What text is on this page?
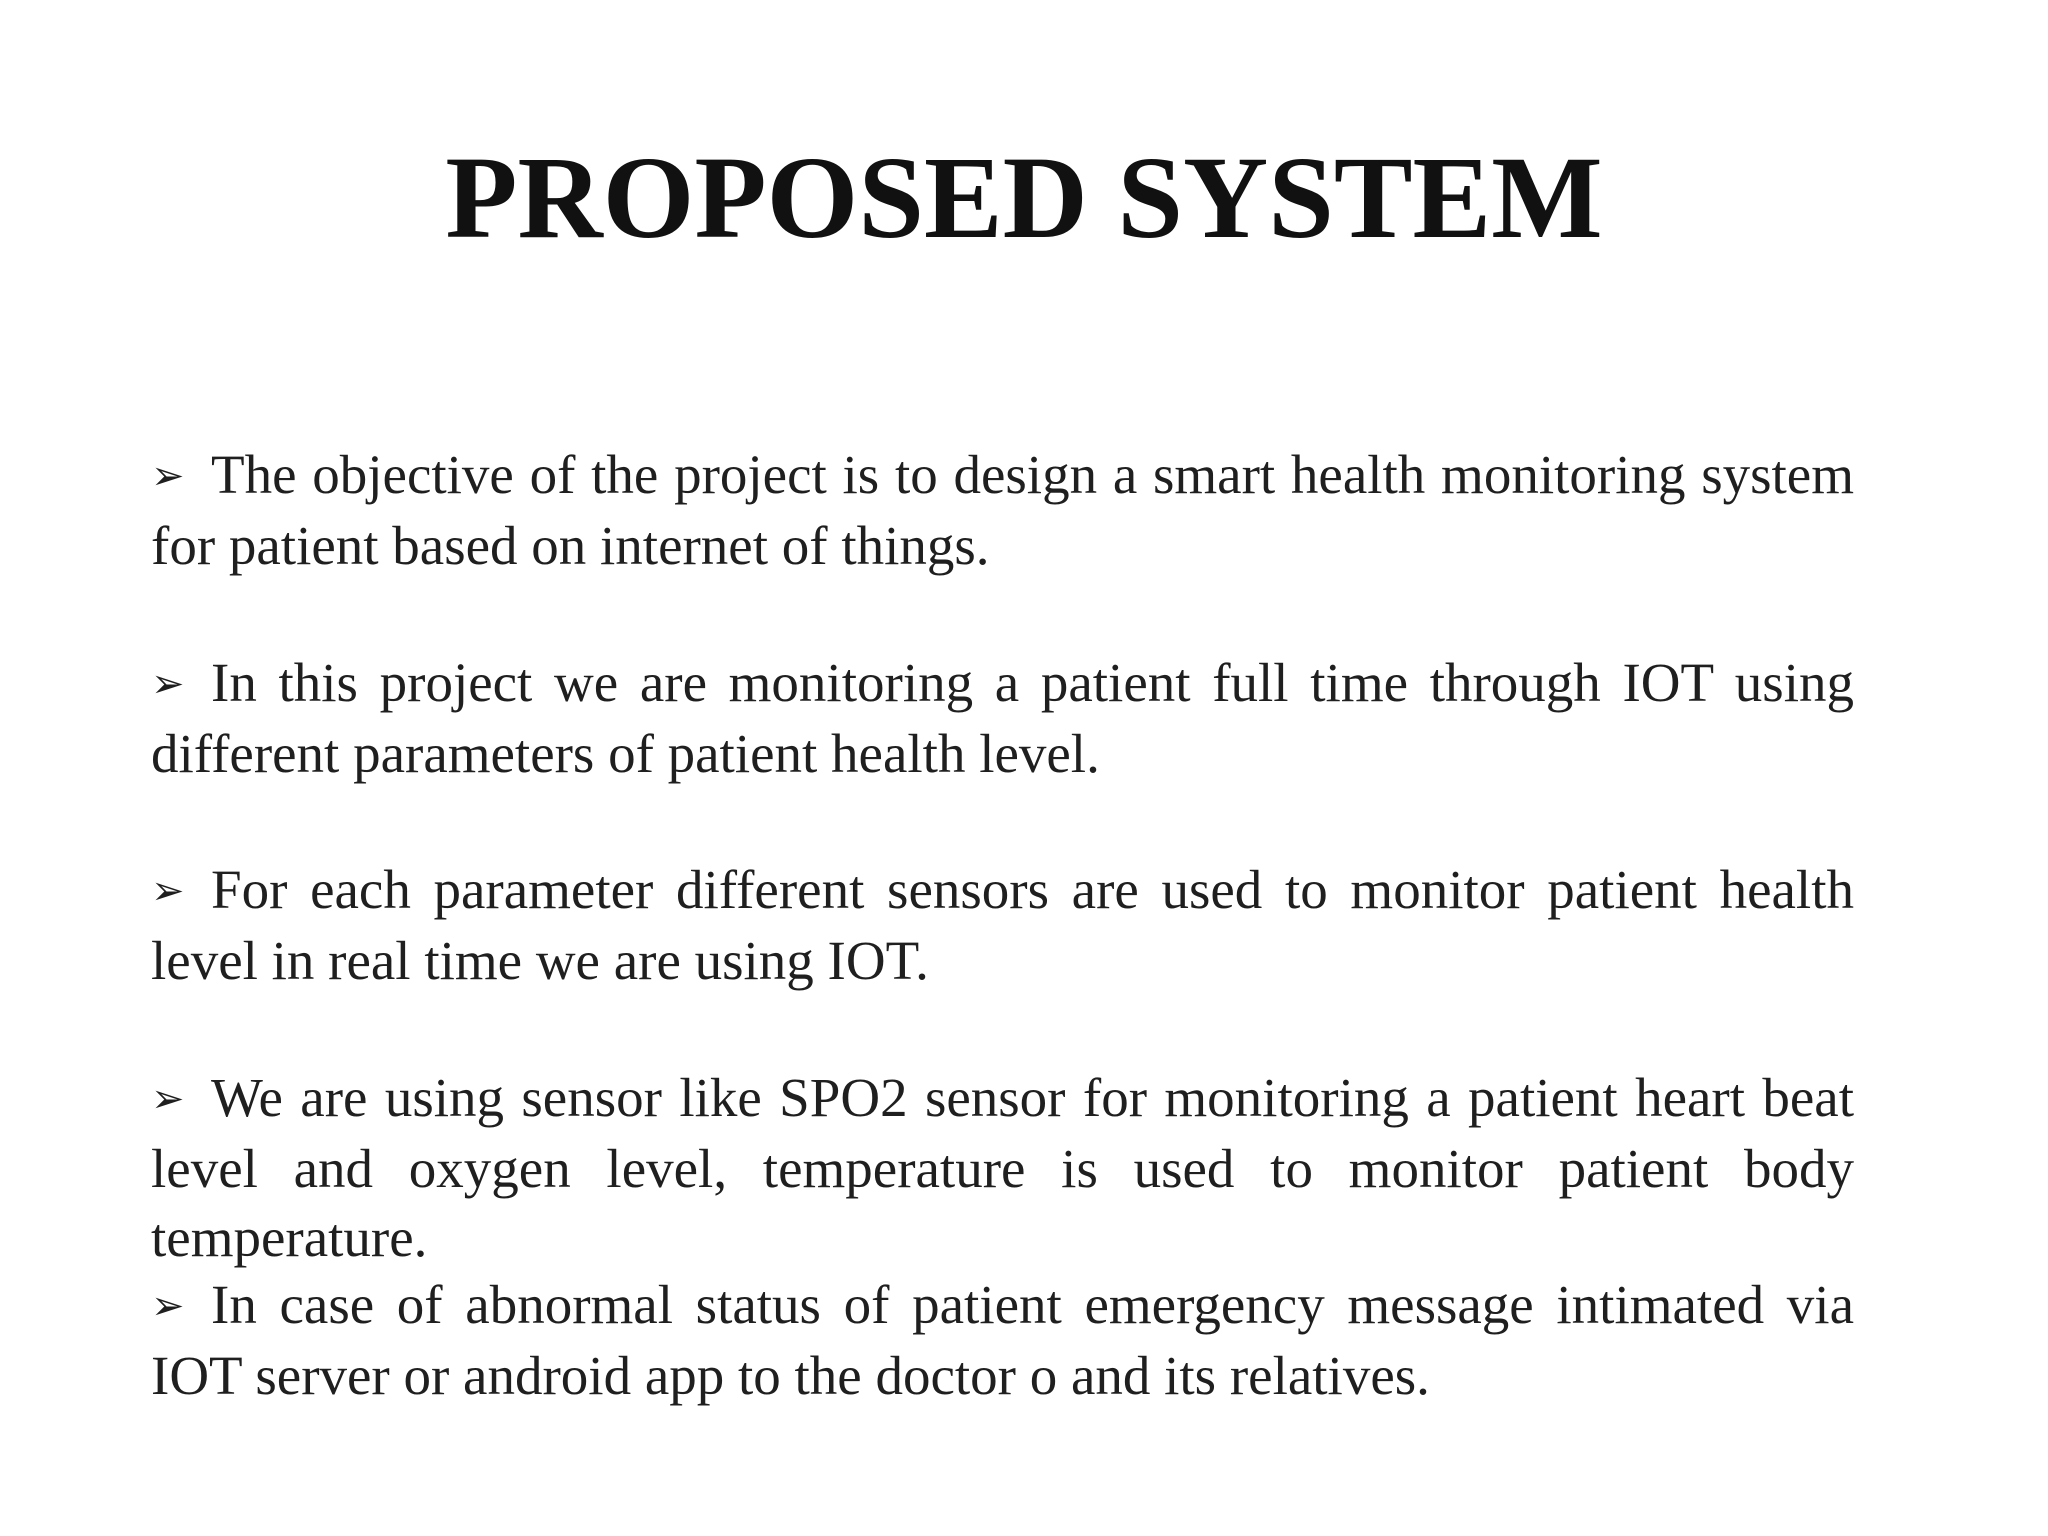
PROPOSED SYSTEM

➢ The objective of the project is to design a smart health monitoring system for patient based on internet of things.

➢ In this project we are monitoring a patient full time through IOT using different parameters of patient health level.

➢ For each parameter different sensors are used to monitor patient health level in real time we are using IOT.

➢ We are using sensor like SPO2 sensor for monitoring a patient heart beat level and oxygen level, temperature is used to monitor patient body temperature.

➢ In case of abnormal status of patient emergency message intimated via IOT server or android app to the doctor o and its relatives.
